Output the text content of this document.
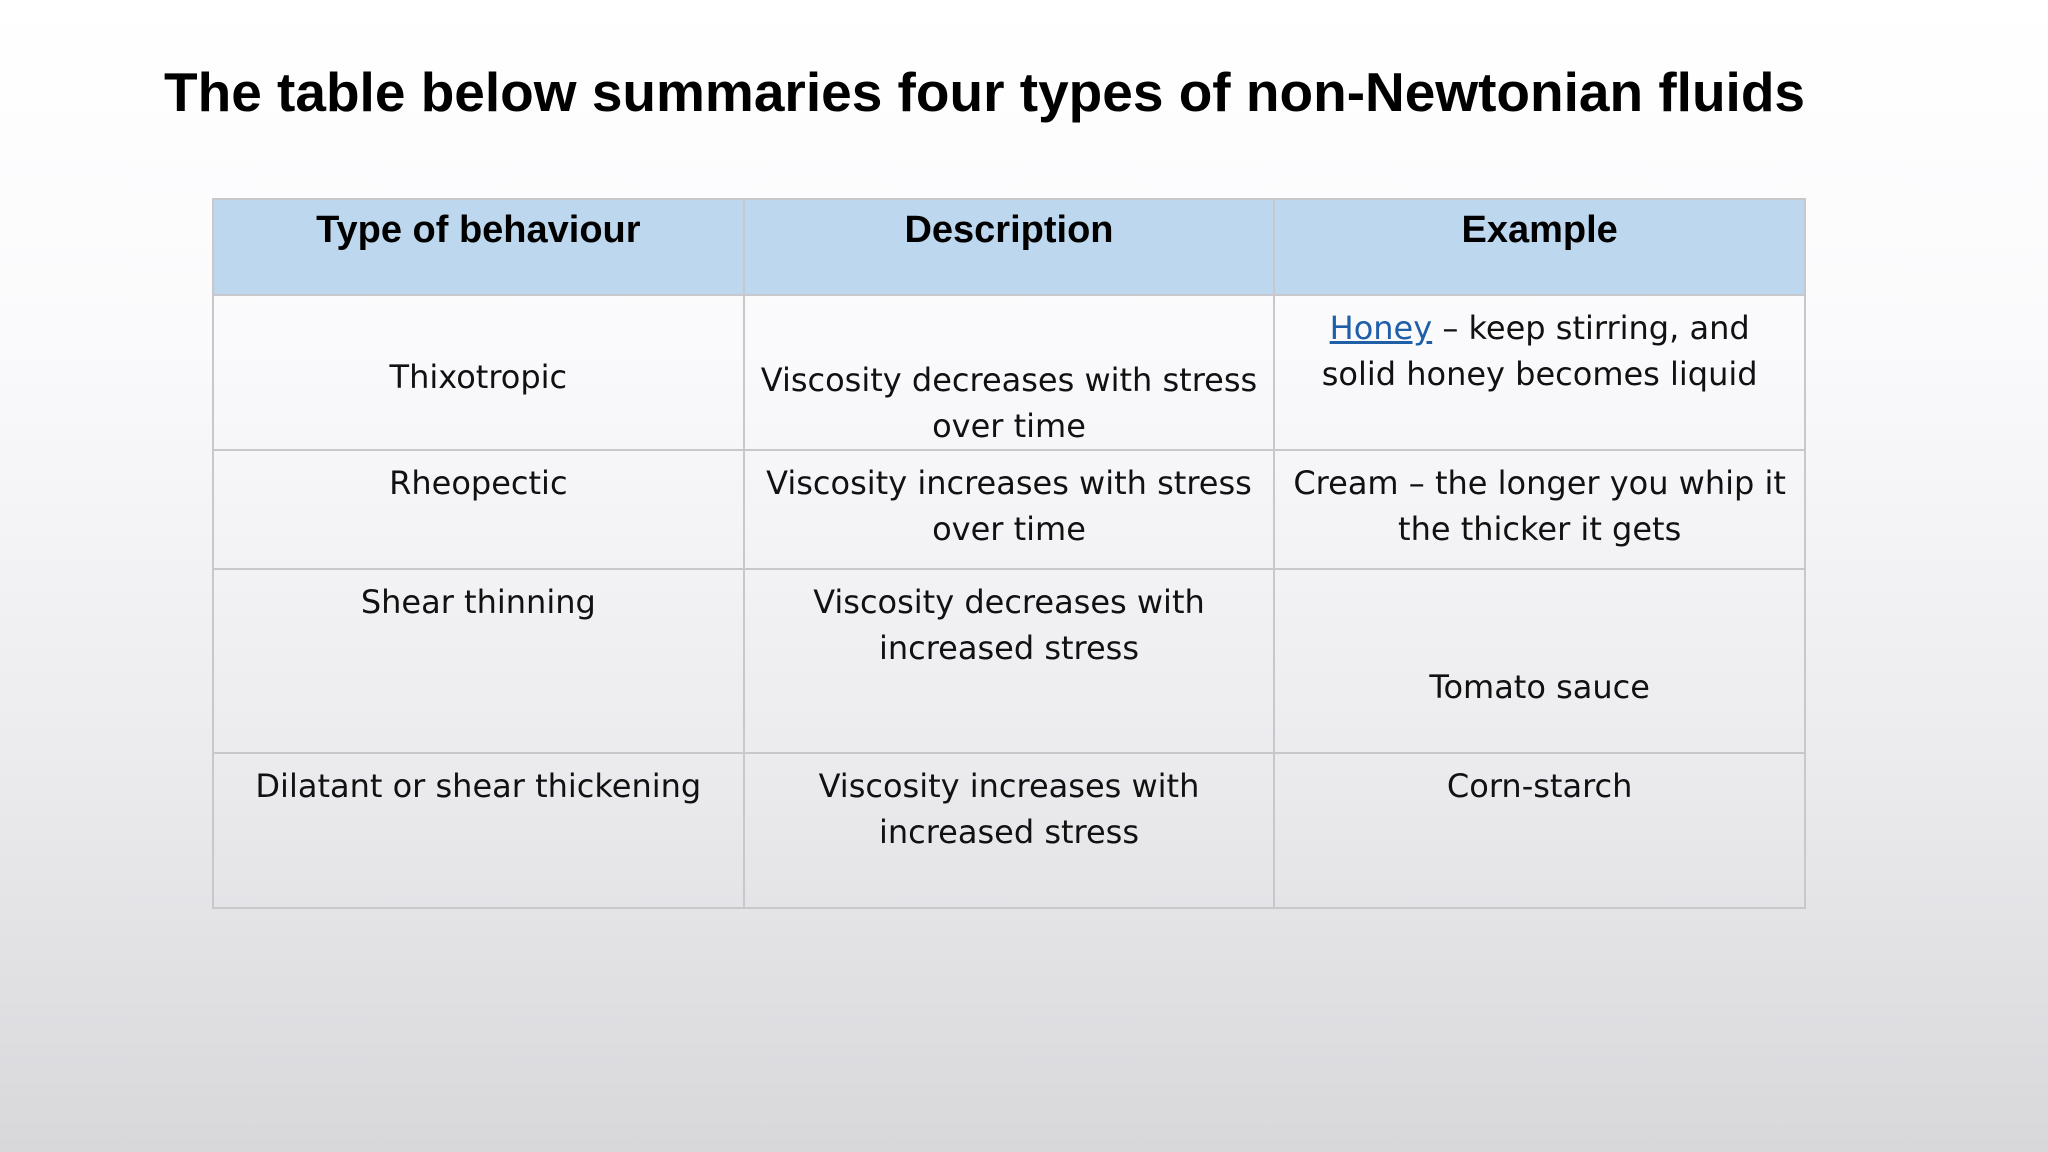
The table below summaries four types of non-Newtonian fluids
Type of behaviour	Description	Example
Thixotropic	Viscosity decreases with stress over time	Honey – keep stirring, and solid honey becomes liquid
Rheopectic	Viscosity increases with stress over time	Cream – the longer you whip it the thicker it gets
Shear thinning	Viscosity decreases with increased stress	Tomato sauce
Dilatant or shear thickening	Viscosity increases with increased stress	Corn-starch
